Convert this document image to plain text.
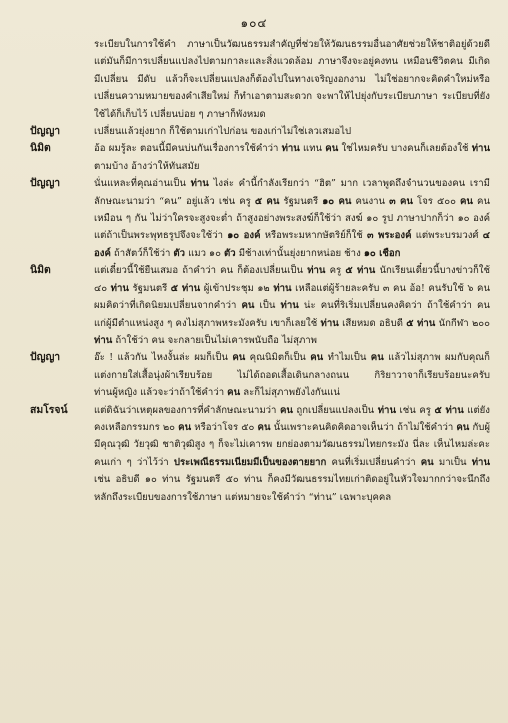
๑๐๔
ระเบียบในการใช้คำ ภาษาเป็นวัฒนธรรมสำคัญที่ช่วยให้วัฒนธรรมอื่นอาศัยช่วยให้ชาติอยู่ด้วยดี แต่มันก็มีการเปลี่ยนแปลงไปตามกาละและสิ่งแวดล้อม ภาษาจึงจะอยู่คงทน เหมือนชีวิตคน มีเกิด มีเปลี่ยน มีดับ แล้วก็จะเปลี่ยนแปลงก็ต้องไปในทางเจริญงอกงาม ไม่ใช่อยากจะคิดคำใหม่หรือเปลี่ยนความหมายของคำเสียใหม่ ก็ทำเอาตามสะดวก จะพาให้ไปยุ่งกับระเบียบภาษา ระเบียบที่ยังใช้ได้ก็เก็บไว้ เปลี่ยนบ่อย ๆ ภาษาก็พังหมด
ปัญญา	เปลี่ยนแล้วยุ่งยาก ก็ใช้ตามเก่าไปก่อน ของเก่าไม่ใช่เลวเสมอไป
นิมิต	อ้อ ผมรู้ละ ตอนนี้มีคนบ่นกันเรื่องการใช้คำว่า ท่าน แทน คน ใช่ไหมครับ บางคนก็เลยต้องใช้ ท่าน ตามบ้าง อ้างว่าให้ทันสมัย
ปัญญา	นั่นแหละที่คุณอ่านเป็น ท่าน ไงล่ะ คำนี้กำลังเรียกว่า “ฮิต” มาก เวลาพูดถึงจำนวนของคน เรามีลักษณะนามว่า “คน” อยู่แล้ว เช่น ครู ๕ คน รัฐมนตรี ๑๐ คน คนงาน ๓ คน โจร ๕๐๐ คน คนเหมือน ๆ กัน ไม่ว่าใครจะสูงจะต่ำ ถ้าสูงอย่างพระสงฆ์ก็ใช้ว่า สงฆ์ ๑๐ รูป ภาษาปากก็ว่า ๑๐ องค์ แต่ถ้าเป็นพระพุทธรูปจึงจะใช้ว่า ๑๐ องค์ หรือพระมหากษัตริย์ก็ใช้ ๓ พระองค์ แต่พระบรมวงศ์ ๔ องค์ ถ้าสัตว์ก็ใช้ว่า ตัว แมว ๑๐ ตัว มีช้างเท่านั้นยุ่งยากหน่อย ช้าง ๑๐ เชือก
นิมิต	แต่เดี๋ยวนี้ใช้ยืนเสมอ ถ้าคำว่า คน ก็ต้องเปลี่ยนเป็น ท่าน ครู ๕ ท่าน นักเรียนเดี๋ยวนี้บางข่าวก็ใช้ ๔๐ ท่าน รัฐมนตรี ๕ ท่าน ผู้เข้าประชุม ๑๒ ท่าน เหลือแต่ผู้ร้ายละครับ ๓ คน อ้อ! คนรับใช้ ๖ คน ผมคิดว่าที่เกิดนิยมเปลี่ยนจากคำว่า คน เป็น ท่าน น่ะ คนที่ริเริ่มเปลี่ยนคงคิดว่า ถ้าใช้คำว่า คน แก่ผู้มีตำแหน่งสูง ๆ คงไม่สุภาพหระมังครับ เขาก็เลยใช้ ท่าน เสียหมด อธิบดี ๕ ท่าน นักกีฬา ๒๐๐ ท่าน ถ้าใช้ว่า คน จะกลายเป็นไม่เคารพนับถือ ไม่สุภาพ
ปัญญา	อ๊ะ ! แล้วกัน ไหงงั้นล่ะ ผมก็เป็น คน คุณนิมิตก็เป็น คน ทำไมเป็น คน แล้วไม่สุภาพ ผมกับคุณก็แต่งกายใส่เสื้อนุ่งผ้าเรียบร้อย ไม่ได้ถอดเสื้อเดินกลางถนน กิริยาวาจาก็เรียบร้อยนะครับ ท่านผู้หญิง แล้วจะว่าถ้าใช้คำว่า คน ละก็ไม่สุภาพยังไงกันแน่
สมโรจน์	แต่ดิฉันว่าเหตุผลของการที่คำลักษณะนามว่า คน ถูกเปลี่ยนแปลงเป็น ท่าน เช่น ครู ๕ ท่าน แต่ยังคงเหลือกรรมกร ๒๐ คน หรือว่าโจร ๕๐ คน นั้นเพราะคนคิดคิดอาจเห็นว่า ถ้าไม่ใช้คำว่า คน กับผู้มีคุณวุฒิ วัยวุฒิ ชาติวุฒิสูง ๆ ก็จะไม่เคารพ ยกย่องตามวัฒนธรรมไทยกระมัง นี่ละ เห็นไหมล่ะคะ คนเก่า ๆ ว่าไว้ว่า ประเพณีธรรมเนียมมีเป็นของตายยาก คนที่เริ่มเปลี่ยนคำว่า คน มาเป็น ท่าน เช่น อธิบดี ๑๐ ท่าน รัฐมนตรี ๕๐ ท่าน ก็คงมีวัฒนธรรมไทยเก่าติดอยู่ในหัวใจมากกว่าจะนึกถึงหลักถึงระเบียบของการใช้ภาษา แต่หมายจะใช้คำว่า “ท่าน” เฉพาะบุคคล
